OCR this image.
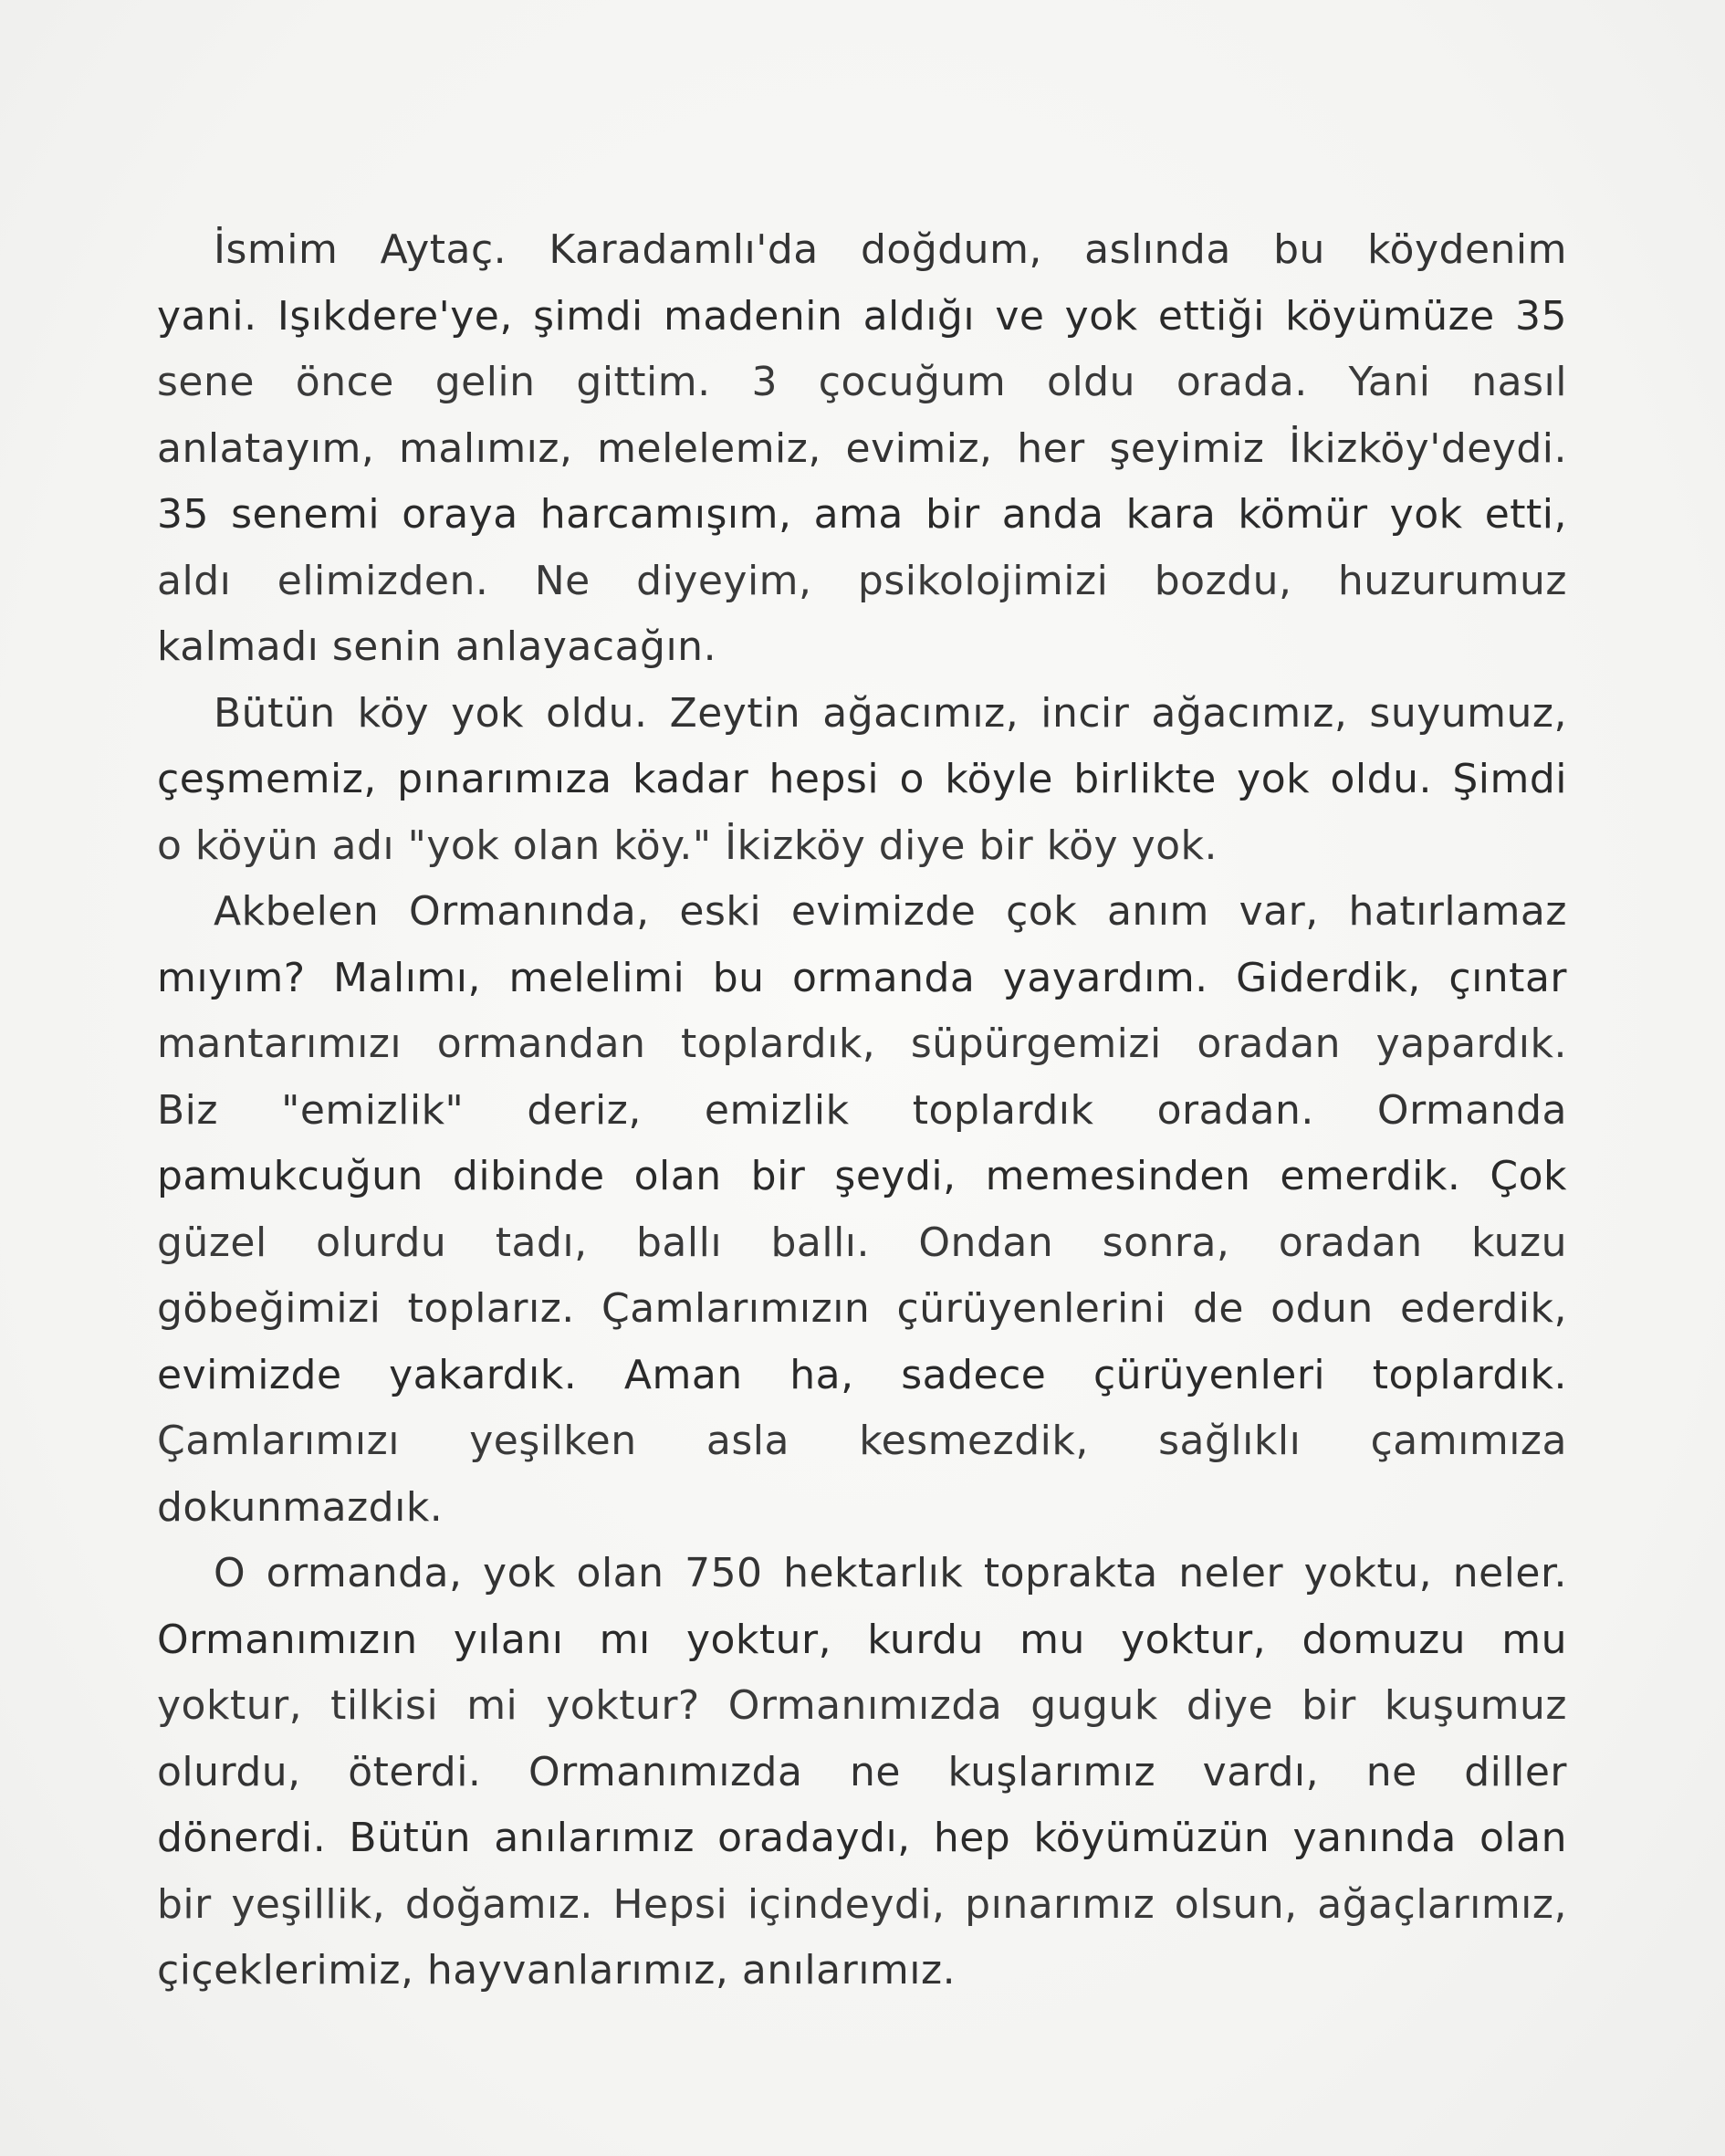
İsmim Aytaç. Karadamlı'da doğdum, aslında bu köydenim
yani. Işıkdere'ye, şimdi madenin aldığı ve yok ettiği köyümüze 35
sene önce gelin gittim. 3 çocuğum oldu orada. Yani nasıl
anlatayım, malımız, melelemiz, evimiz, her şeyimiz İkizköy'deydi.
35 senemi oraya harcamışım, ama bir anda kara kömür yok etti,
aldı elimizden. Ne diyeyim, psikolojimizi bozdu, huzurumuz
kalmadı senin anlayacağın.
Bütün köy yok oldu. Zeytin ağacımız, incir ağacımız, suyumuz,
çeşmemiz, pınarımıza kadar hepsi o köyle birlikte yok oldu. Şimdi
o köyün adı "yok olan köy." İkizköy diye bir köy yok.
Akbelen Ormanında, eski evimizde çok anım var, hatırlamaz
mıyım? Malımı, melelimi bu ormanda yayardım. Giderdik, çıntar
mantarımızı ormandan toplardık, süpürgemizi oradan yapardık.
Biz "emizlik" deriz, emizlik toplardık oradan. Ormanda
pamukcuğun dibinde olan bir şeydi, memesinden emerdik. Çok
güzel olurdu tadı, ballı ballı. Ondan sonra, oradan kuzu
göbeğimizi toplarız. Çamlarımızın çürüyenlerini de odun ederdik,
evimizde yakardık. Aman ha, sadece çürüyenleri toplardık.
Çamlarımızı yeşilken asla kesmezdik, sağlıklı çamımıza
dokunmazdık.
O ormanda, yok olan 750 hektarlık toprakta neler yoktu, neler.
Ormanımızın yılanı mı yoktur, kurdu mu yoktur, domuzu mu
yoktur, tilkisi mi yoktur? Ormanımızda guguk diye bir kuşumuz
olurdu, öterdi. Ormanımızda ne kuşlarımız vardı, ne diller
dönerdi. Bütün anılarımız oradaydı, hep köyümüzün yanında olan
bir yeşillik, doğamız. Hepsi içindeydi, pınarımız olsun, ağaçlarımız,
çiçeklerimiz, hayvanlarımız, anılarımız.
